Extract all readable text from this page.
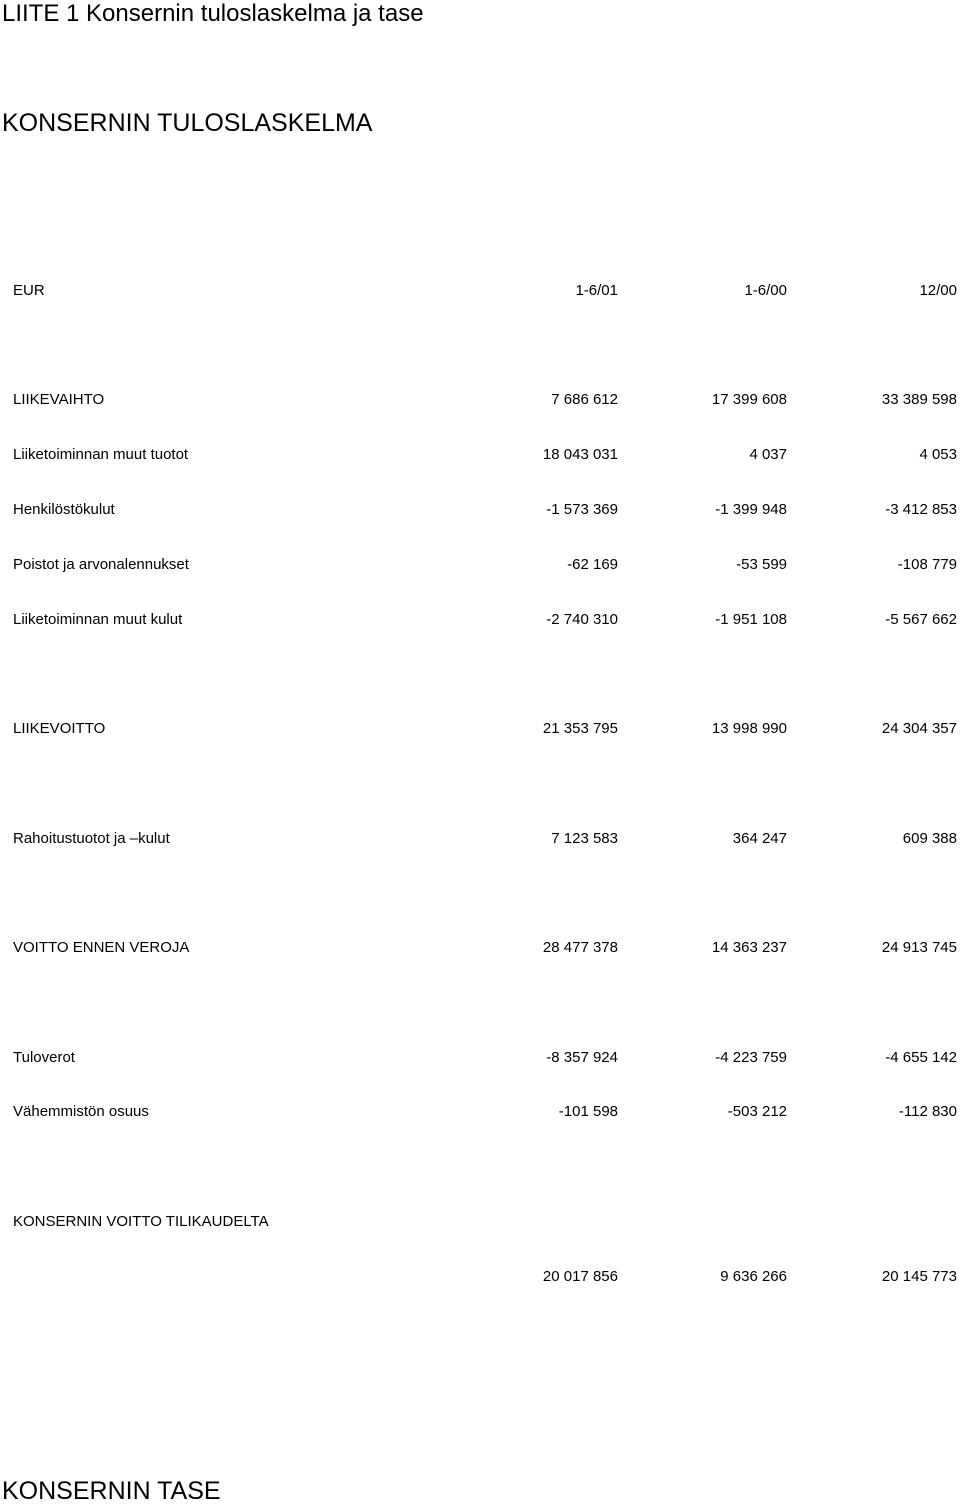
LIITE 1 Konsernin tuloslaskelma ja tase
KONSERNIN TULOSLASKELMA
EUR	1-6/01	1-6/00	12/00
LIIKEVAIHTO	7 686 612	17 399 608	33 389 598
Liiketoiminnan muut tuotot	18 043 031	4 037	4 053
Henkilöstökulut	-1 573 369	-1 399 948	-3 412 853
Poistot ja arvonalennukset	-62 169	-53 599	-108 779
Liiketoiminnan muut kulut	-2 740 310	-1 951 108	-5 567 662
LIIKEVOITTO	21 353 795	13 998 990	24 304 357
Rahoitustuotot ja –kulut	7 123 583	364 247	609 388
VOITTO ENNEN VEROJA	28 477 378	14 363 237	24 913 745
Tuloverot	-8 357 924	-4 223 759	-4 655 142
Vähemmistön osuus	-101 598	-503 212	-112 830
KONSERNIN VOITTO TILIKAUDELTA
20 017 856	9 636 266	20 145 773
KONSERNIN TASE
